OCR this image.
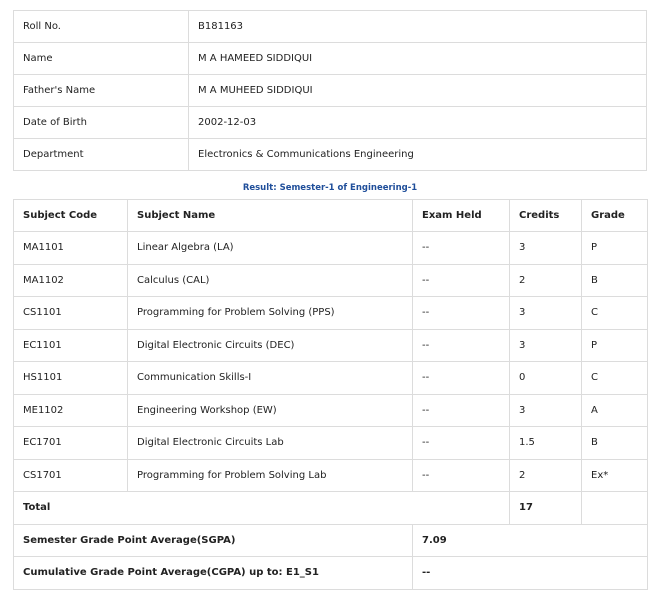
Roll No.	B181163
Name	M A HAMEED SIDDIQUI
Father's Name	M A MUHEED SIDDIQUI
Date of Birth	2002-12-03
Department	Electronics & Communications Engineering
Result: Semester-1 of Engineering-1
Subject Code	Subject Name	Exam Held	Credits	Grade
MA1101	Linear Algebra (LA)	--	3	P
MA1102	Calculus (CAL)	--	2	B
CS1101	Programming for Problem Solving (PPS)	--	3	C
EC1101	Digital Electronic Circuits (DEC)	--	3	P
HS1101	Communication Skills-I	--	0	C
ME1102	Engineering Workshop (EW)	--	3	A
EC1701	Digital Electronic Circuits Lab	--	1.5	B
CS1701	Programming for Problem Solving Lab	--	2	Ex*
Total			17	
Semester Grade Point Average(SGPA)		7.09		
Cumulative Grade Point Average(CGPA) up to: E1_S1		--		
